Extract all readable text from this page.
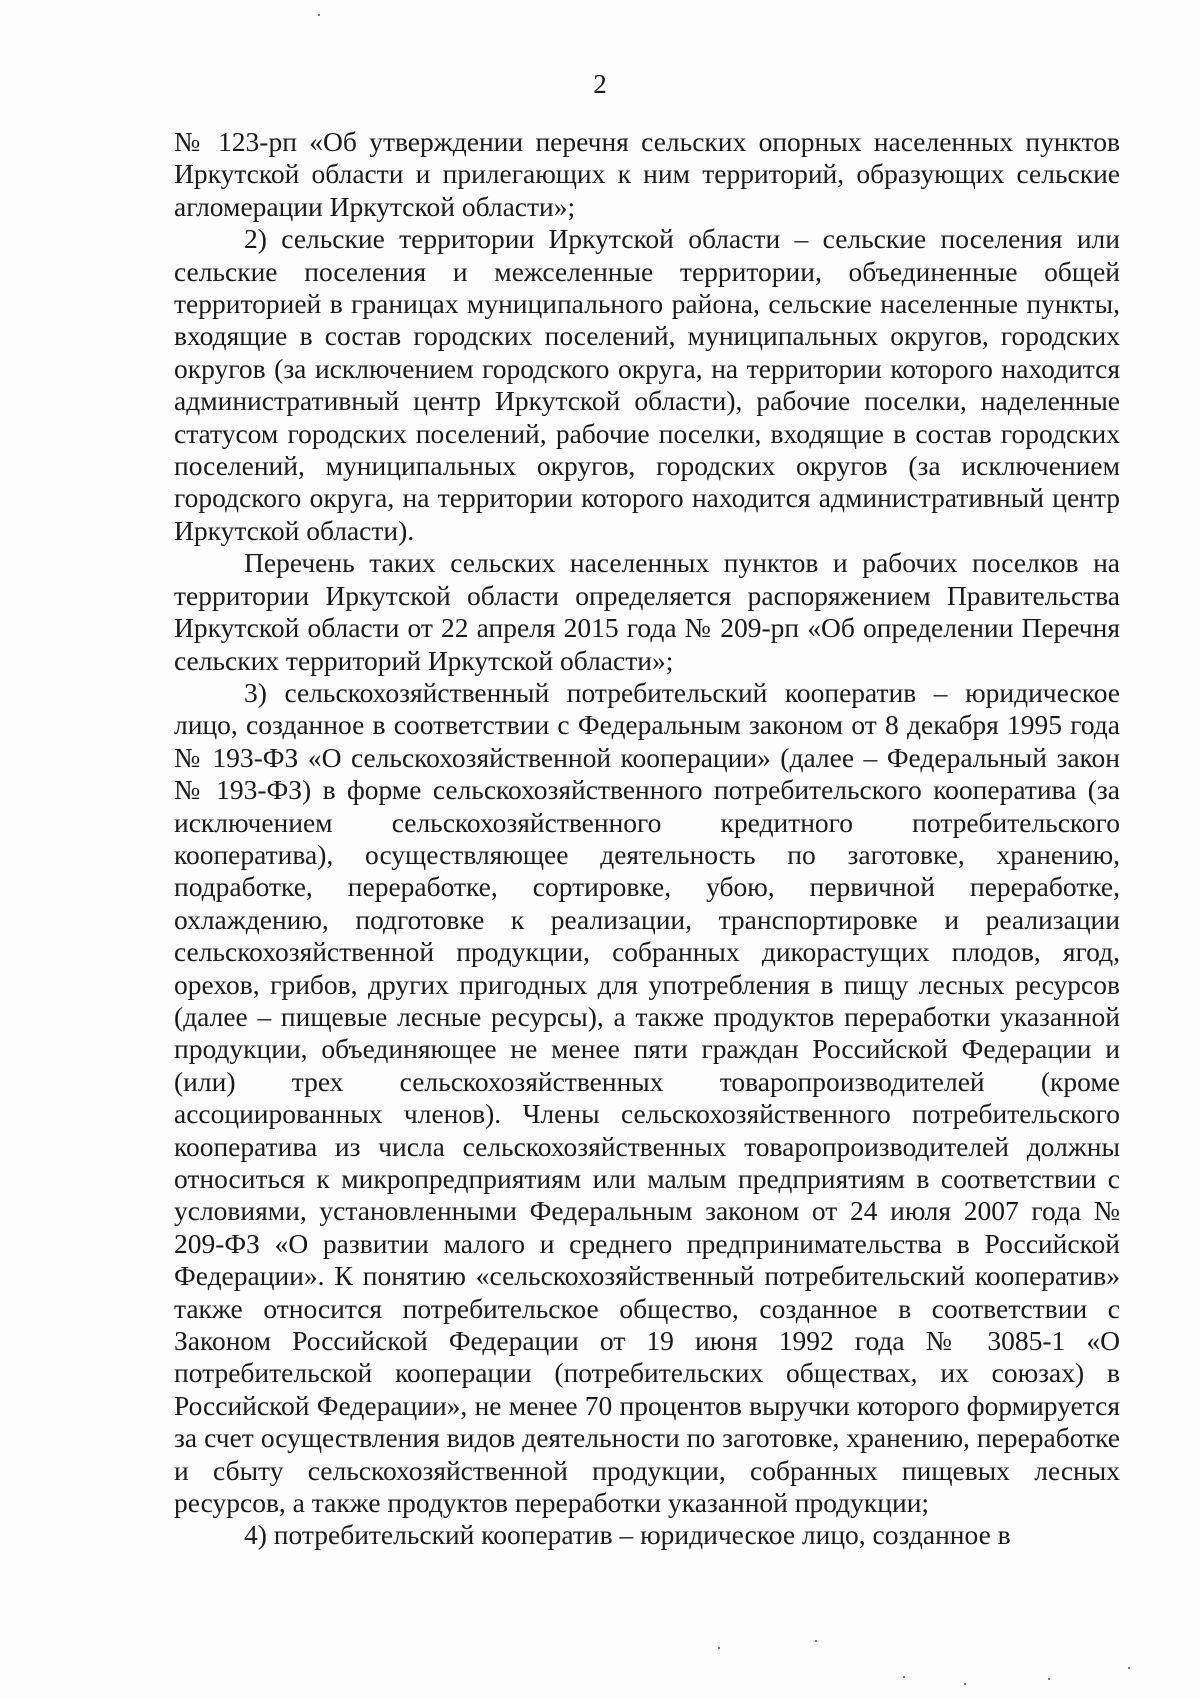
2

№ 123-рп «Об утверждении перечня сельских опорных населенных пунктов Иркутской области и прилегающих к ним территорий, образующих сельские агломерации Иркутской области»;

2) сельские территории Иркутской области – сельские поселения или сельские поселения и межселенные территории, объединенные общей территорией в границах муниципального района, сельские населенные пункты, входящие в состав городских поселений, муниципальных округов, городских округов (за исключением городского округа, на территории которого находится административный центр Иркутской области), рабочие поселки, наделенные статусом городских поселений, рабочие поселки, входящие в состав городских поселений, муниципальных округов, городских округов (за исключением городского округа, на территории которого находится административный центр Иркутской области).

Перечень таких сельских населенных пунктов и рабочих поселков на территории Иркутской области определяется распоряжением Правительства Иркутской области от 22 апреля 2015 года № 209-рп «Об определении Перечня сельских территорий Иркутской области»;

3) сельскохозяйственный потребительский кооператив – юридическое лицо, созданное в соответствии с Федеральным законом от 8 декабря 1995 года № 193-ФЗ «О сельскохозяйственной кооперации» (далее – Федеральный закон № 193-ФЗ) в форме сельскохозяйственного потребительского кооператива (за исключением сельскохозяйственного кредитного потребительского кооператива), осуществляющее деятельность по заготовке, хранению, подработке, переработке, сортировке, убою, первичной переработке, охлаждению, подготовке к реализации, транспортировке и реализации сельскохозяйственной продукции, собранных дикорастущих плодов, ягод, орехов, грибов, других пригодных для употребления в пищу лесных ресурсов (далее – пищевые лесные ресурсы), а также продуктов переработки указанной продукции, объединяющее не менее пяти граждан Российской Федерации и (или) трех сельскохозяйственных товаропроизводителей (кроме ассоциированных членов). Члены сельскохозяйственного потребительского кооператива из числа сельскохозяйственных товаропроизводителей должны относиться к микропредприятиям или малым предприятиям в соответствии с условиями, установленными Федеральным законом от 24 июля 2007 года № 209-ФЗ «О развитии малого и среднего предпринимательства в Российской Федерации». К понятию «сельскохозяйственный потребительский кооператив» также относится потребительское общество, созданное в соответствии с Законом Российской Федерации от 19 июня 1992 года № 3085-1 «О потребительской кооперации (потребительских обществах, их союзах) в Российской Федерации», не менее 70 процентов выручки которого формируется за счет осуществления видов деятельности по заготовке, хранению, переработке и сбыту сельскохозяйственной продукции, собранных пищевых лесных ресурсов, а также продуктов переработки указанной продукции;

4) потребительский кооператив – юридическое лицо, созданное в
